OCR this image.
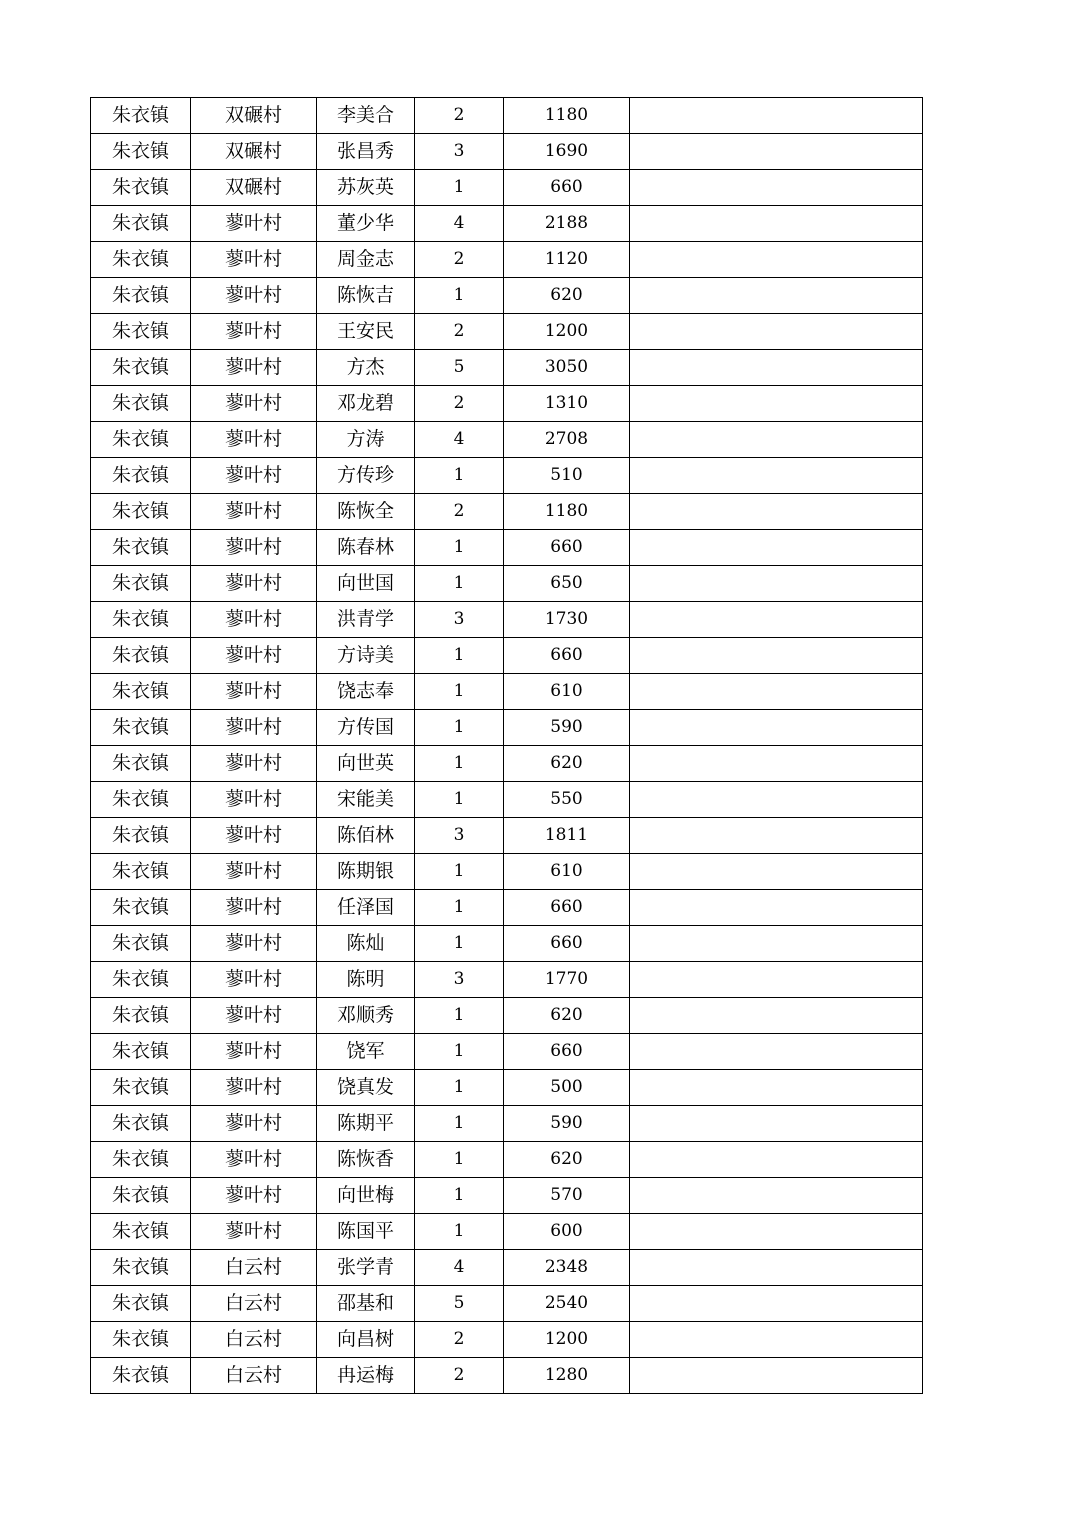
朱衣镇	双碾村	李美合	2	1180	
朱衣镇	双碾村	张昌秀	3	1690	
朱衣镇	双碾村	苏灰英	1	660	
朱衣镇	蓼叶村	董少华	4	2188	
朱衣镇	蓼叶村	周金志	2	1120	
朱衣镇	蓼叶村	陈恢吉	1	620	
朱衣镇	蓼叶村	王安民	2	1200	
朱衣镇	蓼叶村	方杰	5	3050	
朱衣镇	蓼叶村	邓龙碧	2	1310	
朱衣镇	蓼叶村	方涛	4	2708	
朱衣镇	蓼叶村	方传珍	1	510	
朱衣镇	蓼叶村	陈恢全	2	1180	
朱衣镇	蓼叶村	陈春林	1	660	
朱衣镇	蓼叶村	向世国	1	650	
朱衣镇	蓼叶村	洪青学	3	1730	
朱衣镇	蓼叶村	方诗美	1	660	
朱衣镇	蓼叶村	饶志奉	1	610	
朱衣镇	蓼叶村	方传国	1	590	
朱衣镇	蓼叶村	向世英	1	620	
朱衣镇	蓼叶村	宋能美	1	550	
朱衣镇	蓼叶村	陈佰林	3	1811	
朱衣镇	蓼叶村	陈期银	1	610	
朱衣镇	蓼叶村	任泽国	1	660	
朱衣镇	蓼叶村	陈灿	1	660	
朱衣镇	蓼叶村	陈明	3	1770	
朱衣镇	蓼叶村	邓顺秀	1	620	
朱衣镇	蓼叶村	饶军	1	660	
朱衣镇	蓼叶村	饶真发	1	500	
朱衣镇	蓼叶村	陈期平	1	590	
朱衣镇	蓼叶村	陈恢香	1	620	
朱衣镇	蓼叶村	向世梅	1	570	
朱衣镇	蓼叶村	陈国平	1	600	
朱衣镇	白云村	张学青	4	2348	
朱衣镇	白云村	邵基和	5	2540	
朱衣镇	白云村	向昌树	2	1200	
朱衣镇	白云村	冉运梅	2	1280	
